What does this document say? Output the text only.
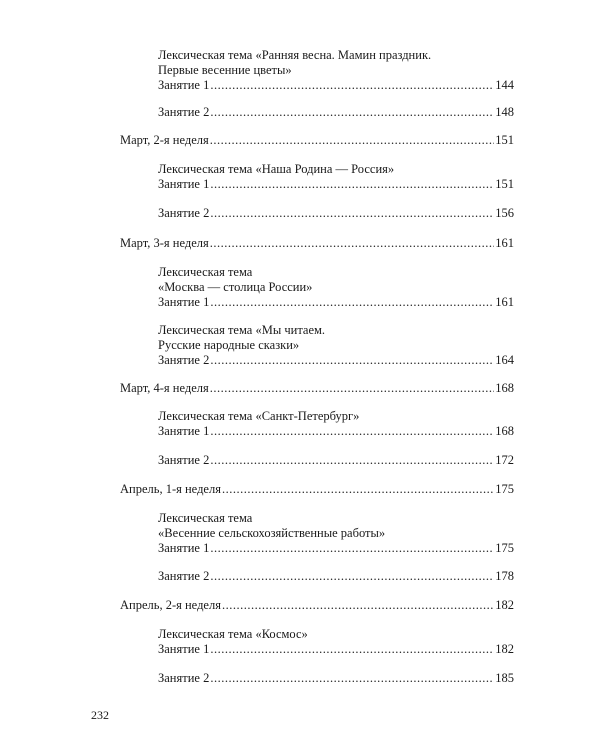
Лексическая тема «Ранняя весна. Мамин праздник.
Первые весенние цветы»
Занятие 1 .....	144
Занятие 2 .....	148
Март, 2-я неделя .....	151
Лексическая тема «Наша Родина — Россия»
Занятие 1 .....	151
Занятие 2 .....	156
Март, 3-я неделя .....	161
Лексическая тема
«Москва — столица России»
Занятие 1 .....	161
Лексическая тема «Мы читаем.
Русские народные сказки»
Занятие 2 .....	164
Март, 4-я неделя .....	168
Лексическая тема «Санкт-Петербург»
Занятие 1 .....	168
Занятие 2 .....	172
Апрель, 1-я неделя .....	175
Лексическая тема
«Весенние сельскохозяйственные работы»
Занятие 1 .....	175
Занятие 2 .....	178
Апрель, 2-я неделя .....	182
Лексическая тема «Космос»
Занятие 1 .....	182
Занятие 2 .....	185
232
